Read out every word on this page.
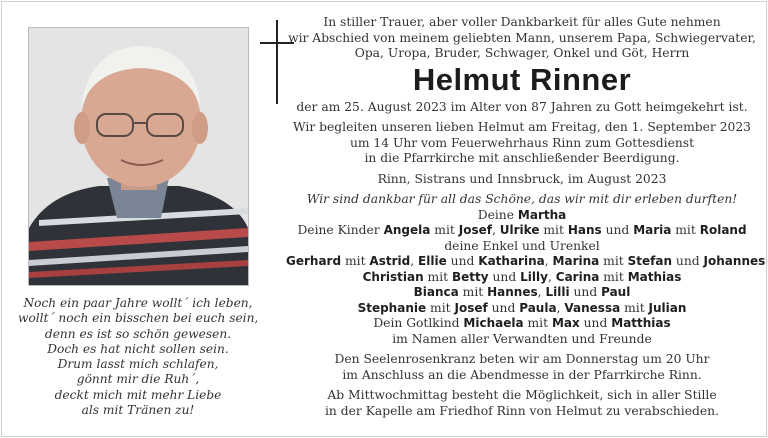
Noch ein paar Jahre wollt´ ich leben,
wollt´ noch ein bisschen bei euch sein,
denn es ist so schön gewesen.
Doch es hat nicht sollen sein.
Drum lasst mich schlafen,
gönnt mir die Ruh´,
deckt mich mit mehr Liebe
als mit Tränen zu!
In stiller Trauer, aber voller Dankbarkeit für alles Gute nehmen
wir Abschied von meinem geliebten Mann, unserem Papa, Schwiegervater,
Opa, Uropa, Bruder, Schwager, Onkel und Göt, Herrn
Helmut Rinner
der am 25. August 2023 im Alter von 87 Jahren zu Gott heimgekehrt ist.
Wir begleiten unseren lieben Helmut am Freitag, den 1. September 2023
um 14 Uhr vom Feuerwehrhaus Rinn zum Gottesdienst
in die Pfarrkirche mit anschließender Beerdigung.
Rinn, Sistrans und Innsbruck, im August 2023
Wir sind dankbar für all das Schöne, das wir mit dir erleben durften!
Deine Martha
Deine Kinder Angela mit Josef, Ulrike mit Hans und Maria mit Roland
deine Enkel und Urenkel
Gerhard mit Astrid, Ellie und Katharina, Marina mit Stefan und Johannes
Christian mit Betty und Lilly, Carina mit Mathias
Bianca mit Hannes, Lilli und Paul
Stephanie mit Josef und Paula, Vanessa mit Julian
Dein Gotlkind Michaela mit Max und Matthias
im Namen aller Verwandten und Freunde
Den Seelenrosenkranz beten wir am Donnerstag um 20 Uhr
im Anschluss an die Abendmesse in der Pfarrkirche Rinn.
Ab Mittwochmittag besteht die Möglichkeit, sich in aller Stille
in der Kapelle am Friedhof Rinn von Helmut zu verabschieden.
